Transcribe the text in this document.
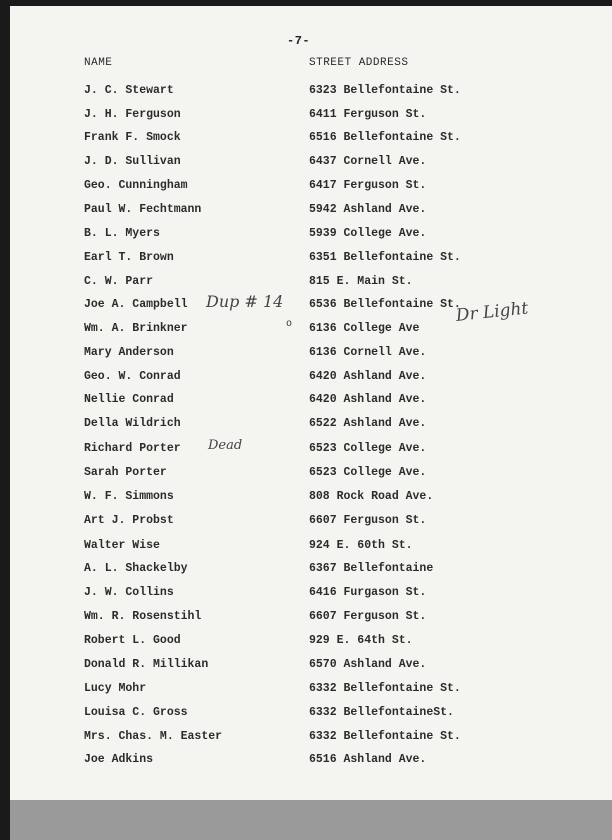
-7-
NAME	STREET ADDRESS
J. C. Stewart	6323 Bellefontaine St.
J. H. Ferguson	6411 Ferguson St.
Frank F. Smock	6516 Bellefontaine St.
J. D. Sullivan	6437 Cornell Ave.
Geo. Cunningham	6417 Ferguson St.
Paul W. Fechtmann	5942 Ashland Ave.
B. L. Myers	5939 College Ave.
Earl T. Brown	6351 Bellefontaine St.
C. W. Parr	815 E. Main St.
Joe A. Campbell	6536 Bellefontaine St.
Wm. A. Brinkner	6136 College Ave
Mary Anderson	6136 Cornell Ave.
Geo. W. Conrad	6420 Ashland Ave.
Nellie Conrad	6420 Ashland Ave.
Della Wildrich	6522 Ashland Ave.
Richard Porter	6523 College Ave.
Sarah Porter	6523 College Ave.
W. F. Simmons	808 Rock Road Ave.
Art J. Probst	6607 Ferguson St.
Walter Wise	924 E. 60th St.
A. L. Shackelby	6367 Bellefontaine
J. W. Collins	6416 Furgason St.
Wm. R. Rosenstihl	6607 Ferguson St.
Robert L. Good	929 E. 64th St.
Donald R. Millikan	6570 Ashland Ave.
Lucy Mohr	6332 Bellefontaine St.
Louisa C. Gross	6332 BellefontaineSt.
Mrs. Chas. M. Easter	6332 Bellefontaine St.
Joe Adkins	6516 Ashland Ave.
Dup # 14
o	Dr Light
Dead
